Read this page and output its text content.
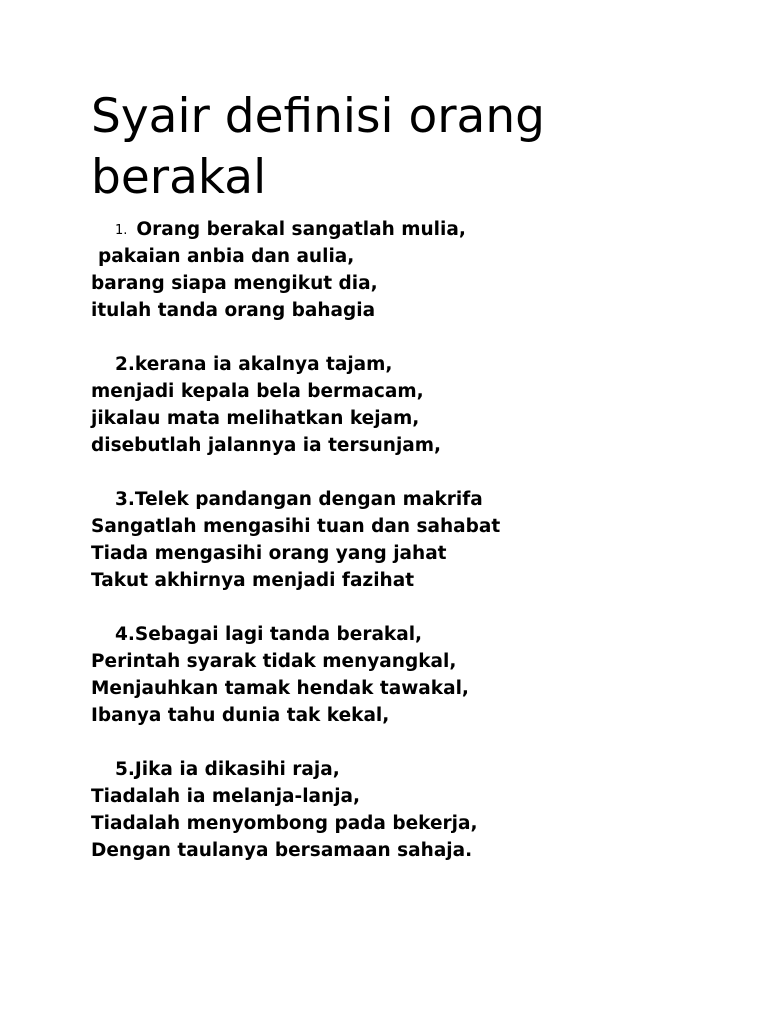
Syair definisi orang berakal
1. Orang berakal sangatlah mulia,
pakaian anbia dan aulia,
barang siapa mengikut dia,
itulah tanda orang bahagia
2.kerana ia akalnya tajam,
menjadi kepala bela bermacam,
jikalau mata melihatkan kejam,
disebutlah jalannya ia tersunjam,
3.Telek pandangan dengan makrifa
Sangatlah mengasihi tuan dan sahabat
Tiada mengasihi orang yang jahat
Takut akhirnya menjadi fazihat
4.Sebagai lagi tanda berakal,
Perintah syarak tidak menyangkal,
Menjauhkan tamak hendak tawakal,
Ibanya tahu dunia tak kekal,
5.Jika ia dikasihi raja,
Tiadalah ia melanja-lanja,
Tiadalah menyombong pada bekerja,
Dengan taulanya bersamaan sahaja.
